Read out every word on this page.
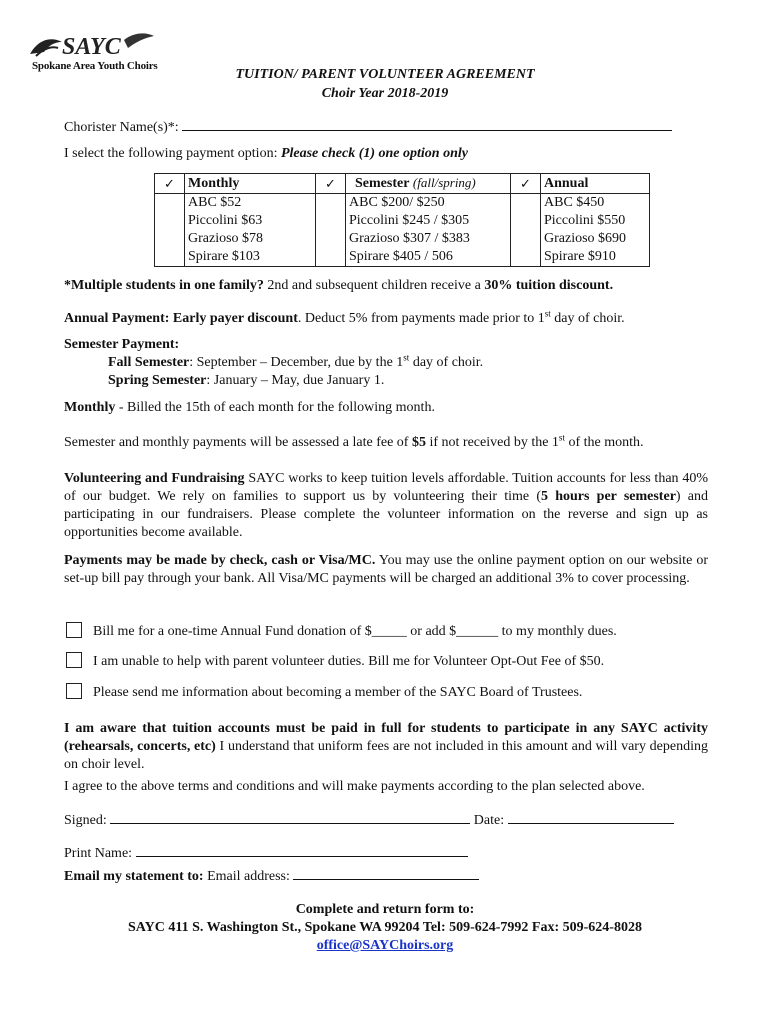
SAYC
Spokane Area Youth Choirs
TUITION/ PARENT VOLUNTEER AGREEMENT
Choir Year 2018-2019
Chorister Name(s)*:
I select the following payment option: Please check (1) one option only
✓	Monthly	✓	Semester (fall/spring)	✓	Annual
	ABC $52		ABC $200/ $250		ABC $450
	Piccolini $63		Piccolini $245 / $305		Piccolini $550
	Grazioso $78		Grazioso $307 / $383		Grazioso $690
	Spirare $103		Spirare $405 / 506		Spirare $910
*Multiple students in one family? 2nd and subsequent children receive a 30% tuition discount.
Annual Payment: Early payer discount. Deduct 5% from payments made prior to 1st day of choir.
Semester Payment:
Fall Semester: September – December, due by the 1st day of choir.
Spring Semester: January – May, due January 1.
Monthly - Billed the 15th of each month for the following month.
Semester and monthly payments will be assessed a late fee of $5 if not received by the 1st of the month.
Volunteering and Fundraising SAYC works to keep tuition levels affordable. Tuition accounts for less than 40% of our budget. We rely on families to support us by volunteering their time (5 hours per semester) and participating in our fundraisers. Please complete the volunteer information on the reverse and sign up as opportunities become available.
Payments may be made by check, cash or Visa/MC. You may use the online payment option on our website or set-up bill pay through your bank. All Visa/MC payments will be charged an additional 3% to cover processing.
Bill me for a one-time Annual Fund donation of $_____ or add $______ to my monthly dues.
I am unable to help with parent volunteer duties. Bill me for Volunteer Opt-Out Fee of $50.
Please send me information about becoming a member of the SAYC Board of Trustees.
I am aware that tuition accounts must be paid in full for students to participate in any SAYC activity (rehearsals, concerts, etc) I understand that uniform fees are not included in this amount and will vary depending on choir level.
I agree to the above terms and conditions and will make payments according to the plan selected above.
Signed:	Date:
Print Name:
Email my statement to: Email address:
Complete and return form to:
SAYC 411 S. Washington St., Spokane WA 99204 Tel: 509-624-7992 Fax: 509-624-8028
office@SAYChoirs.org
